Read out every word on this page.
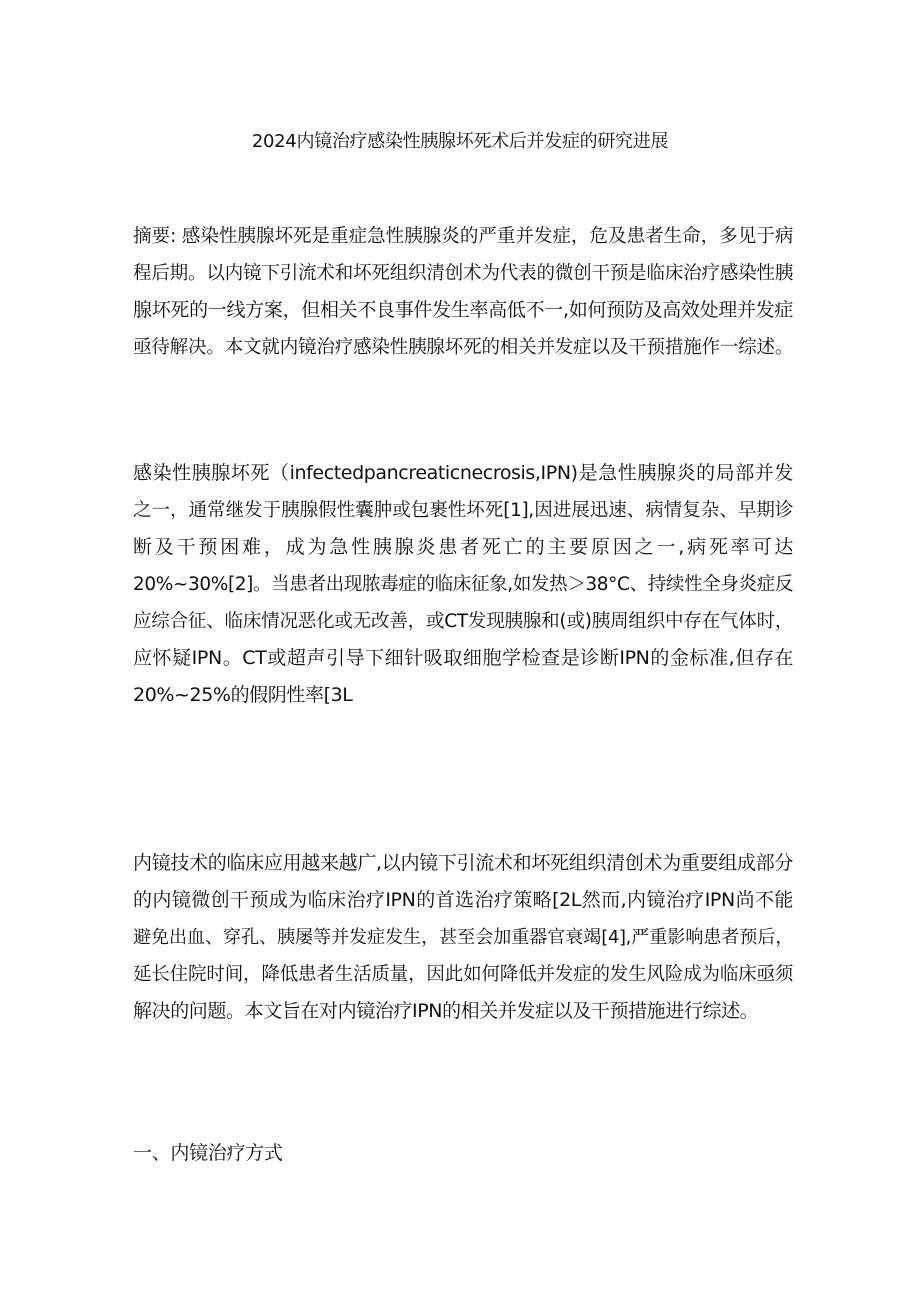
2024内镜治疗感染性胰腺坏死术后并发症的研究进展
摘要: 感染性胰腺坏死是重症急性胰腺炎的严重并发症，危及患者生命，多见于病
程后期。以内镜下引流术和坏死组织清创术为代表的微创干预是临床治疗感染性胰
腺坏死的一线方案，但相关不良事件发生率高低不一,如何预防及高效处理并发症
亟待解决。本文就内镜治疗感染性胰腺坏死的相关并发症以及干预措施作一综述。
感染性胰腺坏死（infectedpancreaticnecrosis,IPN)是急性胰腺炎的局部并发
之一，通常继发于胰腺假性囊肿或包裹性坏死[1],因进展迅速、病情复杂、早期诊
断及干预困难，成为急性胰腺炎患者死亡的主要原因之一,病死率可达
20%~30%[2]。当患者出现脓毒症的临床征象,如发热＞38°C、持续性全身炎症反
应综合征、临床情况恶化或无改善，或CT发现胰腺和(或)胰周组织中存在气体时，
应怀疑IPN。CT或超声引导下细针吸取细胞学检查是诊断IPN的金标准,但存在
20%~25%的假阴性率[3L
内镜技术的临床应用越来越广,以内镜下引流术和坏死组织清创术为重要组成部分
的内镜微创干预成为临床治疗IPN的首选治疗策略[2L然而,内镜治疗IPN尚不能
避免出血、穿孔、胰屡等并发症发生，甚至会加重器官衰竭[4],严重影响患者预后，
延长住院时间，降低患者生活质量，因此如何降低并发症的发生风险成为临床亟须
解决的问题。本文旨在对内镜治疗IPN的相关并发症以及干预措施进行综述。
一、内镜治疗方式
